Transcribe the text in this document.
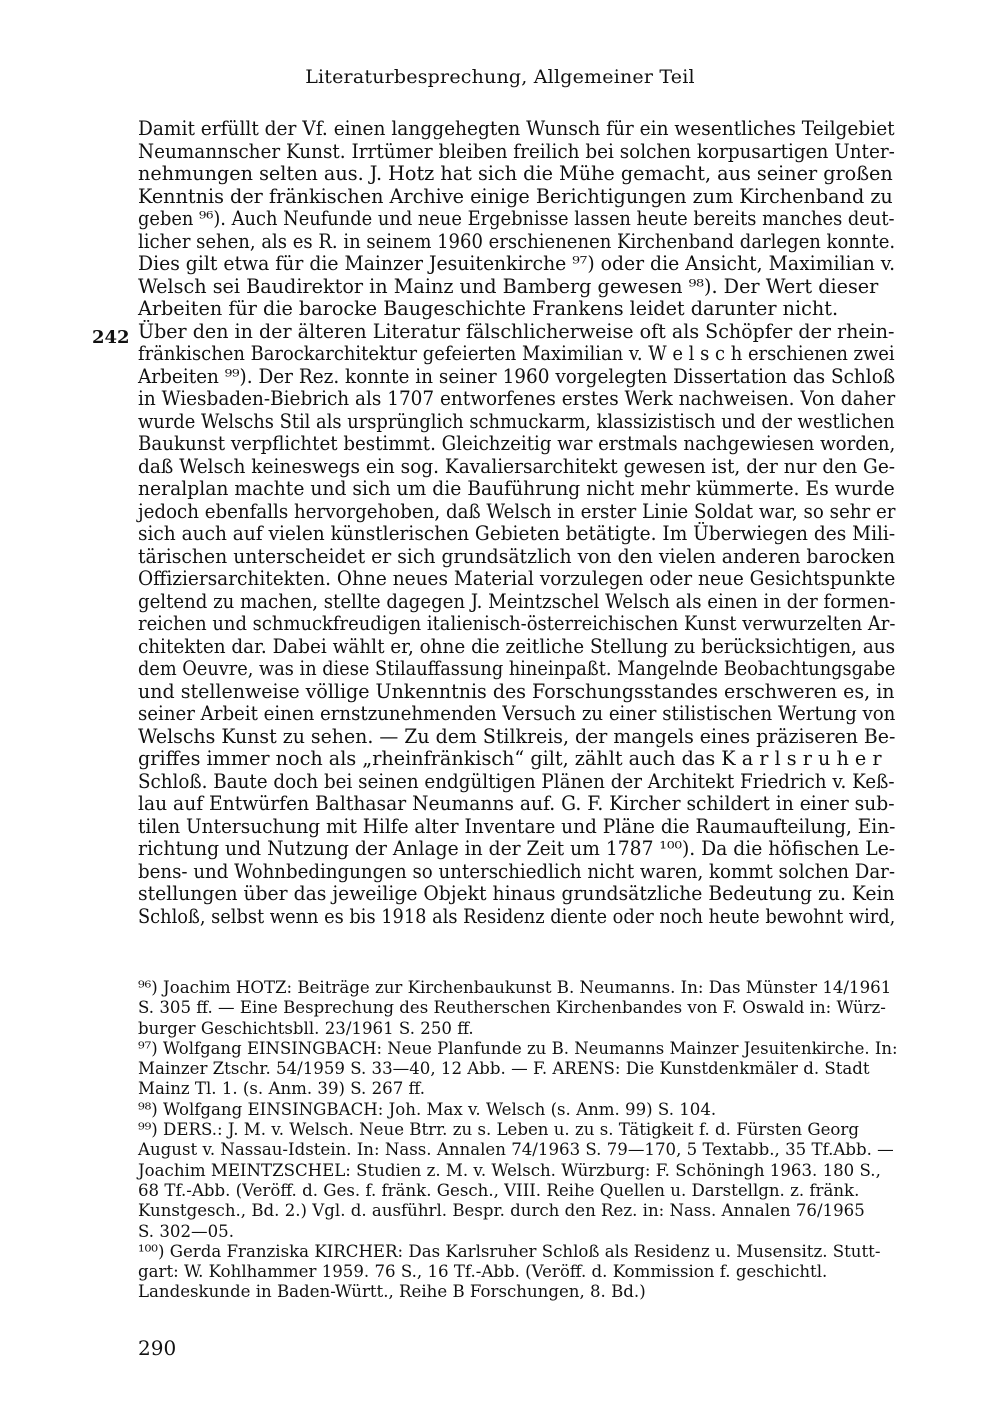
Literaturbesprechung, Allgemeiner Teil
242
Damit erfüllt der Vf. einen langgehegten Wunsch für ein wesentliches Teilgebiet
Neumannscher Kunst. Irrtümer bleiben freilich bei solchen korpusartigen Unter-
nehmungen selten aus. J. Hotz hat sich die Mühe gemacht, aus seiner großen
Kenntnis der fränkischen Archive einige Berichtigungen zum Kirchenband zu
geben ⁹⁶). Auch Neufunde und neue Ergebnisse lassen heute bereits manches deut-
licher sehen, als es R. in seinem 1960 erschienenen Kirchenband darlegen konnte.
Dies gilt etwa für die Mainzer Jesuitenkirche ⁹⁷) oder die Ansicht, Maximilian v.
Welsch sei Baudirektor in Mainz und Bamberg gewesen ⁹⁸). Der Wert dieser
Arbeiten für die barocke Baugeschichte Frankens leidet darunter nicht.
Über den in der älteren Literatur fälschlicherweise oft als Schöpfer der rhein-
fränkischen Barockarchitektur gefeierten Maximilian v. W e l s c h erschienen zwei
Arbeiten ⁹⁹). Der Rez. konnte in seiner 1960 vorgelegten Dissertation das Schloß
in Wiesbaden-Biebrich als 1707 entworfenes erstes Werk nachweisen. Von daher
wurde Welschs Stil als ursprünglich schmuckarm, klassizistisch und der westlichen
Baukunst verpflichtet bestimmt. Gleichzeitig war erstmals nachgewiesen worden,
daß Welsch keineswegs ein sog. Kavaliersarchitekt gewesen ist, der nur den Ge-
neralplan machte und sich um die Bauführung nicht mehr kümmerte. Es wurde
jedoch ebenfalls hervorgehoben, daß Welsch in erster Linie Soldat war, so sehr er
sich auch auf vielen künstlerischen Gebieten betätigte. Im Überwiegen des Mili-
tärischen unterscheidet er sich grundsätzlich von den vielen anderen barocken
Offiziersarchitekten. Ohne neues Material vorzulegen oder neue Gesichtspunkte
geltend zu machen, stellte dagegen J. Meintzschel Welsch als einen in der formen-
reichen und schmuckfreudigen italienisch-österreichischen Kunst verwurzelten Ar-
chitekten dar. Dabei wählt er, ohne die zeitliche Stellung zu berücksichtigen, aus
dem Oeuvre, was in diese Stilauffassung hineinpaßt. Mangelnde Beobachtungsgabe
und stellenweise völlige Unkenntnis des Forschungsstandes erschweren es, in
seiner Arbeit einen ernstzunehmenden Versuch zu einer stilistischen Wertung von
Welschs Kunst zu sehen. — Zu dem Stilkreis, der mangels eines präziseren Be-
griffes immer noch als „rheinfränkisch“ gilt, zählt auch das K a r l s r u h e r
Schloß. Baute doch bei seinen endgültigen Plänen der Architekt Friedrich v. Keß-
lau auf Entwürfen Balthasar Neumanns auf. G. F. Kircher schildert in einer sub-
tilen Untersuchung mit Hilfe alter Inventare und Pläne die Raumaufteilung, Ein-
richtung und Nutzung der Anlage in der Zeit um 1787 ¹⁰⁰). Da die höfischen Le-
bens- und Wohnbedingungen so unterschiedlich nicht waren, kommt solchen Dar-
stellungen über das jeweilige Objekt hinaus grundsätzliche Bedeutung zu. Kein
Schloß, selbst wenn es bis 1918 als Residenz diente oder noch heute bewohnt wird,
⁹⁶) Joachim HOTZ: Beiträge zur Kirchenbaukunst B. Neumanns. In: Das Münster 14/1961
S. 305 ff. — Eine Besprechung des Reutherschen Kirchenbandes von F. Oswald in: Würz-
burger Geschichtsbll. 23/1961 S. 250 ff.
⁹⁷) Wolfgang EINSINGBACH: Neue Planfunde zu B. Neumanns Mainzer Jesuitenkirche. In:
Mainzer Ztschr. 54/1959 S. 33—40, 12 Abb. — F. ARENS: Die Kunstdenkmäler d. Stadt
Mainz Tl. 1. (s. Anm. 39) S. 267 ff.
⁹⁸) Wolfgang EINSINGBACH: Joh. Max v. Welsch (s. Anm. 99) S. 104.
⁹⁹) DERS.: J. M. v. Welsch. Neue Btrr. zu s. Leben u. zu s. Tätigkeit f. d. Fürsten Georg
August v. Nassau-Idstein. In: Nass. Annalen 74/1963 S. 79—170, 5 Textabb., 35 Tf.Abb. —
Joachim MEINTZSCHEL: Studien z. M. v. Welsch. Würzburg: F. Schöningh 1963. 180 S.,
68 Tf.-Abb. (Veröff. d. Ges. f. fränk. Gesch., VIII. Reihe Quellen u. Darstellgn. z. fränk.
Kunstgesch., Bd. 2.) Vgl. d. ausführl. Bespr. durch den Rez. in: Nass. Annalen 76/1965
S. 302—05.
¹⁰⁰) Gerda Franziska KIRCHER: Das Karlsruher Schloß als Residenz u. Musensitz. Stutt-
gart: W. Kohlhammer 1959. 76 S., 16 Tf.-Abb. (Veröff. d. Kommission f. geschichtl.
Landeskunde in Baden-Württ., Reihe B Forschungen, 8. Bd.)
290
